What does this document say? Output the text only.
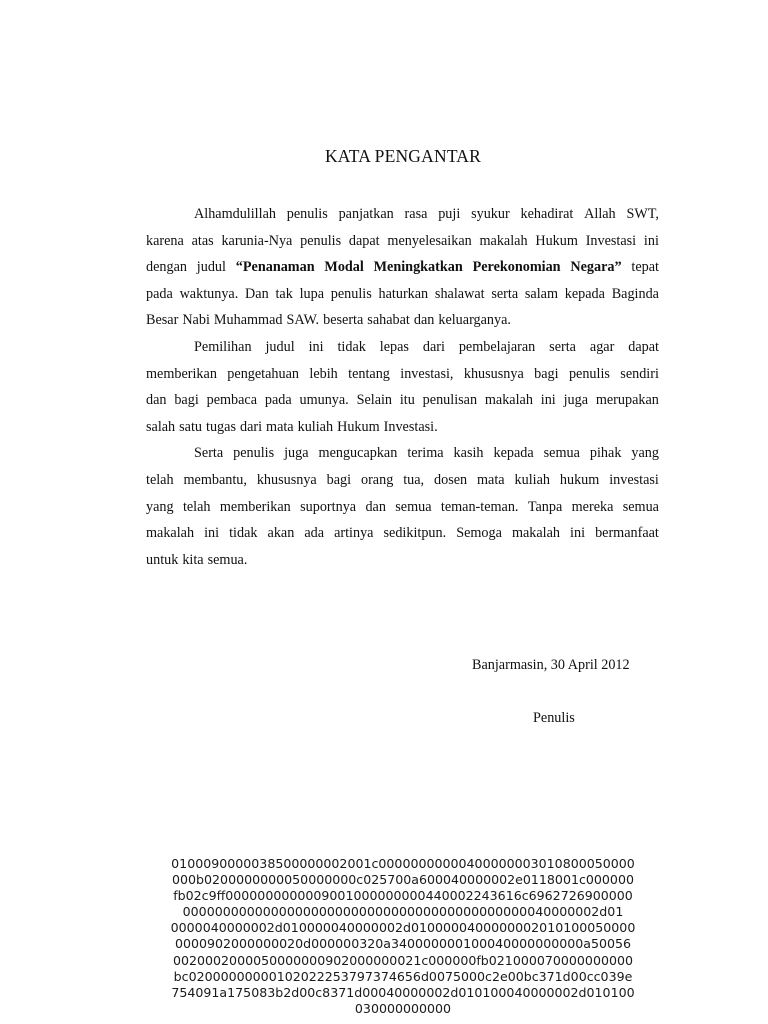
KATA PENGANTAR
Alhamdulillah penulis panjatkan rasa puji syukur kehadirat Allah SWT,
karena atas karunia-Nya penulis dapat menyelesaikan makalah Hukum Investasi ini
dengan judul “Penanaman Modal Meningkatkan Perekonomian Negara” tepat
pada waktunya. Dan tak lupa penulis haturkan shalawat serta salam kepada Baginda
Besar Nabi Muhammad SAW. beserta sahabat dan keluarganya.
Pemilihan judul ini tidak lepas dari pembelajaran serta agar dapat
memberikan pengetahuan lebih tentang investasi, khususnya bagi penulis sendiri
dan bagi pembaca pada umunya. Selain itu penulisan makalah ini juga merupakan
salah satu tugas dari mata kuliah Hukum Investasi.
Serta penulis juga mengucapkan terima kasih kepada semua pihak yang
telah membantu, khususnya bagi orang tua, dosen mata kuliah hukum investasi
yang telah memberikan suportnya dan semua teman-teman. Tanpa mereka semua
makalah ini tidak akan ada artinya sedikitpun. Semoga makalah ini bermanfaat
untuk kita semua.
Banjarmasin, 30 April 2012
Penulis
0100090000038500000002001c00000000000400000003010800050000
000b0200000000050000000c025700a600040000002e0118001c000000
fb02c9ff0000000000009001000000000440002243616c6962726900000
0000000000000000000000000000000000000000000040000002d01
0000040000002d010000040000002d0100000400000002010100050000
0000902000000020d000000320a340000000100040000000000a50056
0020002000050000000902000000021c000000fb021000070000000000
bc02000000000102022253797374656d0075000c2e00bc371d00cc039e
754091a175083b2d00c8371d00040000002d010100040000002d010100
030000000000
